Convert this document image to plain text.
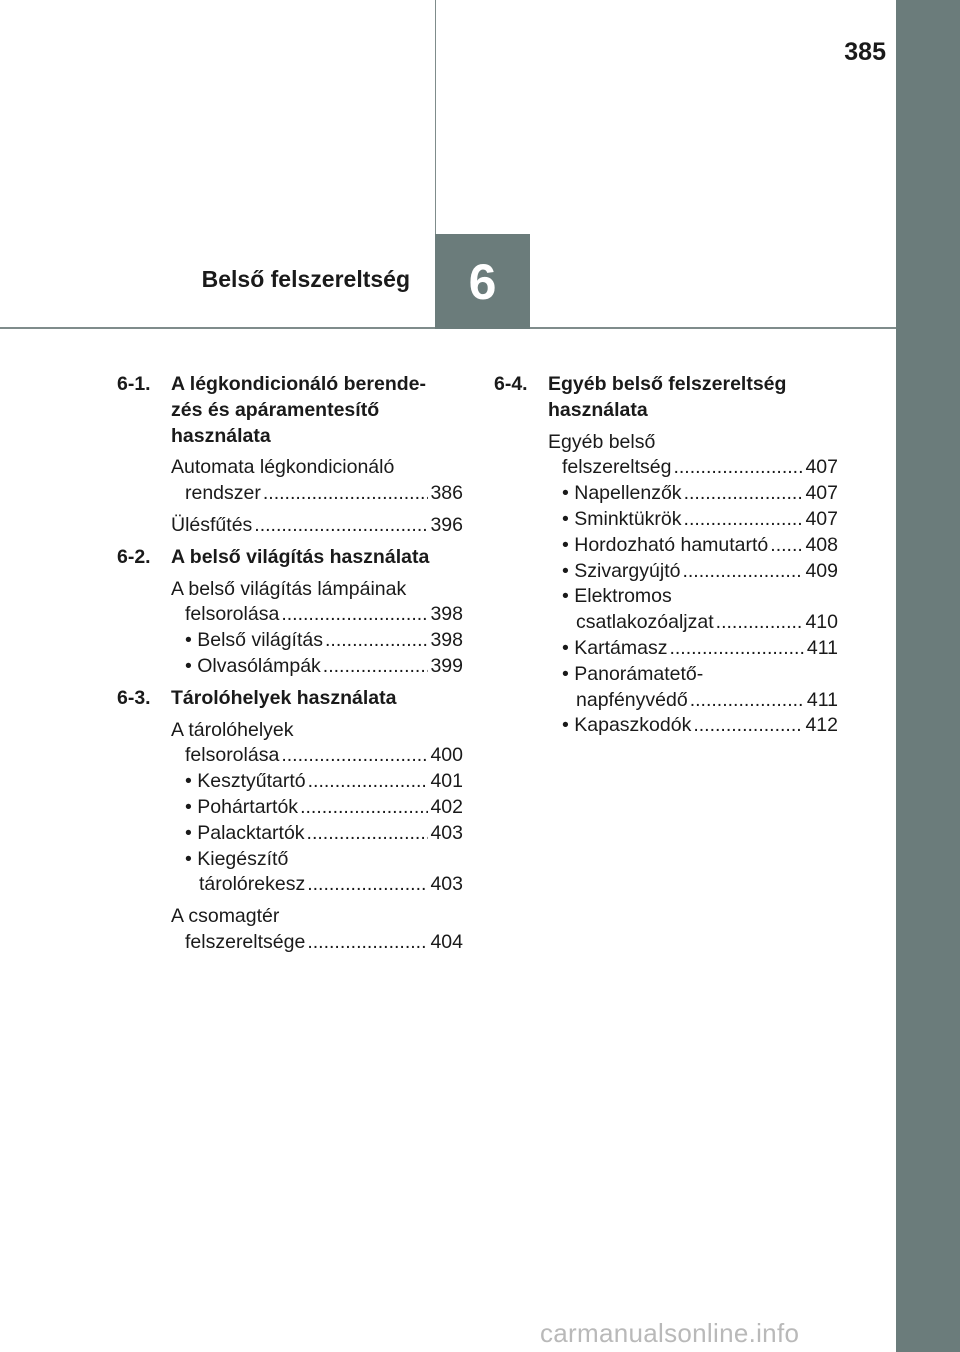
385
6
Belső felszereltség
6-1.	A légkondicionáló berende-
zés és apáramentesítő
használata
Automata légkondicionáló
rendszer .....	386
Ülésfűtés .....	396
6-2.	A belső világítás használata
A belső világítás lámpáinak
felsorolása .....	398
• Belső világítás .....	398
• Olvasólámpák .....	399
6-3.	Tárolóhelyek használata
A tárolóhelyek
felsorolása .....	400
• Kesztyűtartó .....	401
• Pohártartók .....	402
• Palacktartók .....	403
• Kiegészítő
tárolórekesz .....	403
A csomagtér
felszereltsége .....	404
6-4.	Egyéb belső felszereltség
használata
Egyéb belső
felszereltség .....	407
• Napellenzők .....	407
• Sminktükrök .....	407
• Hordozható hamutartó ..... 408
• Szivargyújtó .....	409
• Elektromos
csatlakozóaljzat .....	410
• Kartámasz .....	411
• Panorámatető-
napfényvédő .....	411
• Kapaszkodók .....	412
carmanualsonline.info
